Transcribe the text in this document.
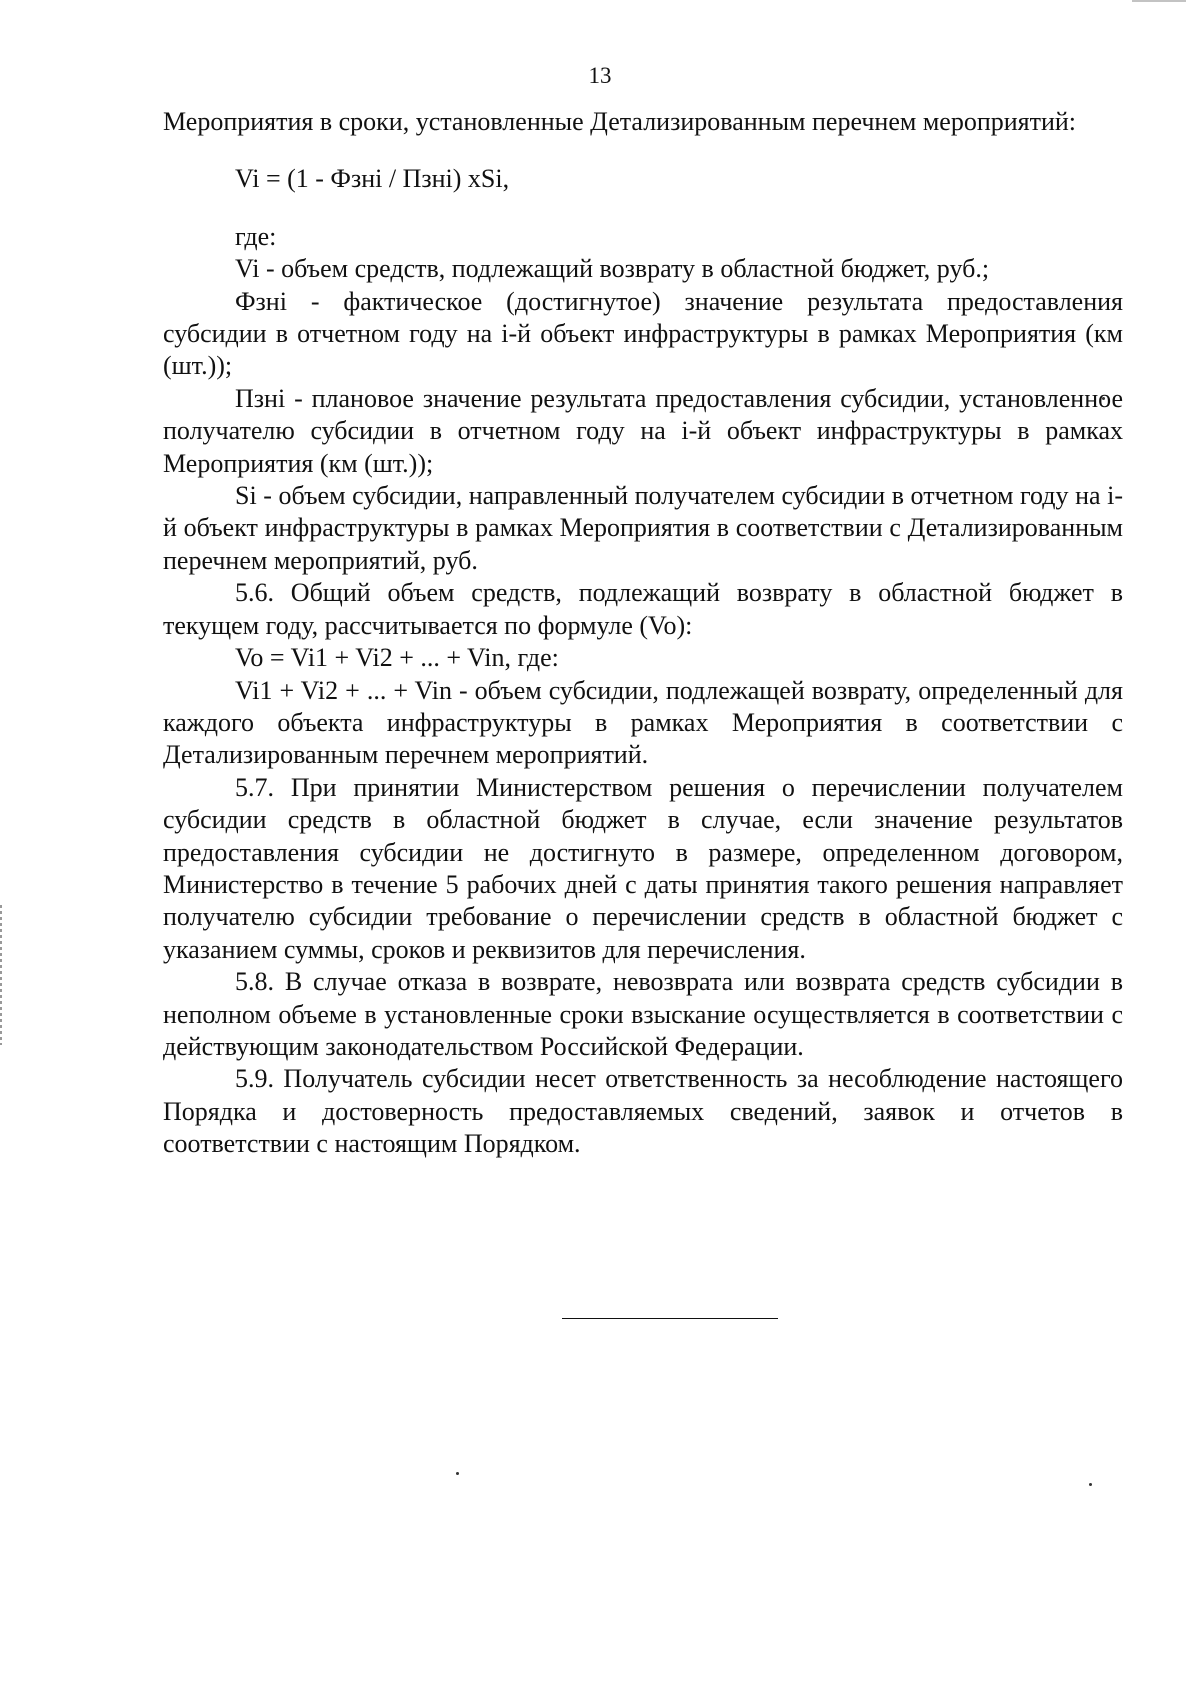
13

Мероприятия в сроки, установленные Детализированным перечнем мероприятий:

Vi = (1 - Фзнi / Пзнi) xSi,

где:

Vi - объем средств, подлежащий возврату в областной бюджет, руб.;

Фзнi - фактическое (достигнутое) значение результата предоставления субсидии в отчетном году на i-й объект инфраструктуры в рамках Мероприятия (км (шт.));

Пзнi - плановое значение результата предоставления субсидии, установленное получателю субсидии в отчетном году на i-й объект инфраструктуры в рамках Мероприятия (км (шт.));

Si - объем субсидии, направленный получателем субсидии в отчетном году на i-й объект инфраструктуры в рамках Мероприятия в соответствии с Детализированным перечнем мероприятий, руб.

5.6. Общий объем средств, подлежащий возврату в областной бюджет в текущем году, рассчитывается по формуле (Vo):

Vo = Vi1 + Vi2 + ... + Vin, где:

Vi1 + Vi2 + ... + Vin - объем субсидии, подлежащей возврату, определенный для каждого объекта инфраструктуры в рамках Мероприятия в соответствии с Детализированным перечнем мероприятий.

5.7. При принятии Министерством решения о перечислении получателем субсидии средств в областной бюджет в случае, если значение результатов предоставления субсидии не достигнуто в размере, определенном договором, Министерство в течение 5 рабочих дней с даты принятия такого решения направляет получателю субсидии требование о перечислении средств в областной бюджет с указанием суммы, сроков и реквизитов для перечисления.

5.8. В случае отказа в возврате, невозврата или возврата средств субсидии в неполном объеме в установленные сроки взыскание осуществляется в соответствии с действующим законодательством Российской Федерации.

5.9. Получатель субсидии несет ответственность за несоблюдение настоящего Порядка и достоверность предоставляемых сведений, заявок и отчетов в соответствии с настоящим Порядком.
